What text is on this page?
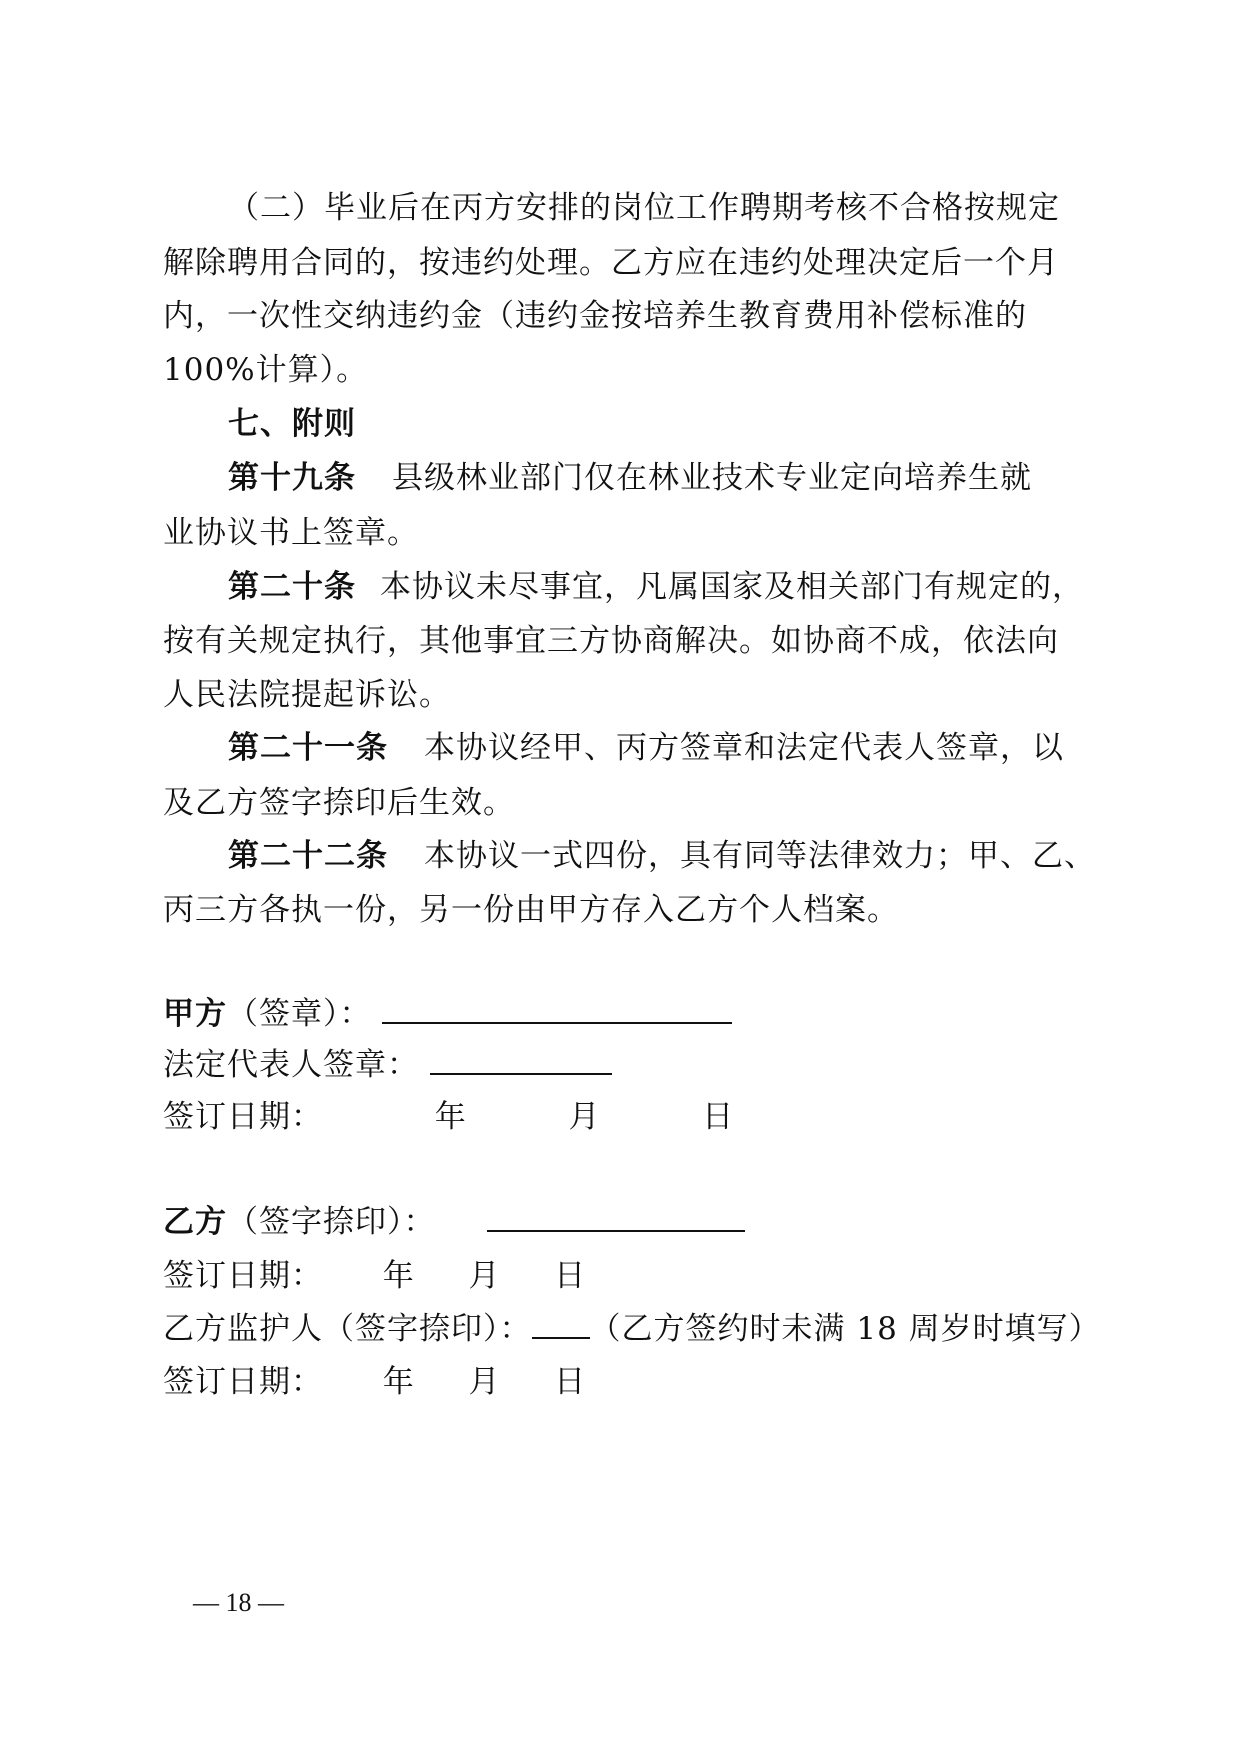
（二）毕业后在丙方安排的岗位工作聘期考核不合格按规定
解除聘用合同的，按违约处理。乙方应在违约处理决定后一个月
内，一次性交纳违约金（违约金按培养生教育费用补偿标准的
100%计算）。
七、附则
第十九条 县级林业部门仅在林业技术专业定向培养生就
业协议书上签章。
第二十条 本协议未尽事宜，凡属国家及相关部门有规定的，
按有关规定执行，其他事宜三方协商解决。如协商不成，依法向
人民法院提起诉讼。
第二十一条 本协议经甲、丙方签章和法定代表人签章，以
及乙方签字捺印后生效。
第二十二条 本协议一式四份，具有同等法律效力；甲、乙、
丙三方各执一份，另一份由甲方存入乙方个人档案。
甲方（签章）：
法定代表人签章：
签订日期：	年	月	日
乙方（签字捺印）：
签订日期： 年 月 日
乙方监护人（签字捺印）： （乙方签约时未满 18 周岁时填写）
签订日期： 年 月 日
— 18 —
